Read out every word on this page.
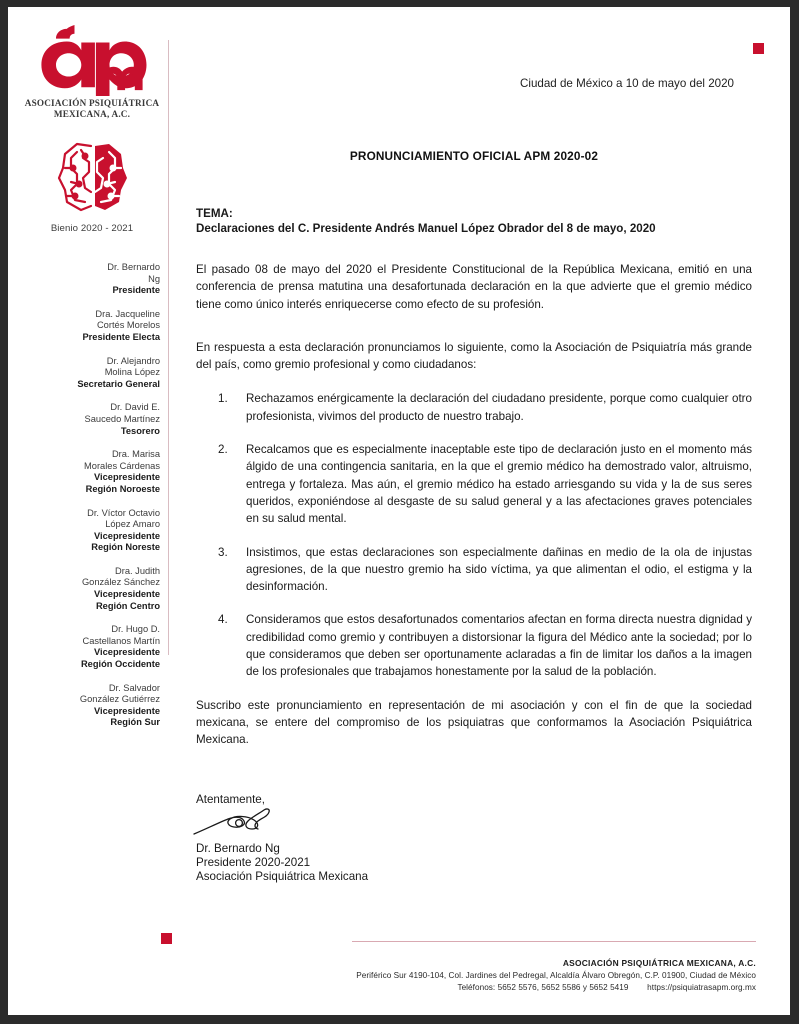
ASOCIACIÓN PSIQUIÁTRICA
MEXICANA, A.C.
Bienio 2020 - 2021
Dr. Bernardo
Ng
Presidente
Dra. Jacqueline
Cortés Morelos
Presidente Electa
Dr. Alejandro
Molina López
Secretario General
Dr. David E.
Saucedo Martínez
Tesorero
Dra. Marisa
Morales Cárdenas
Vicepresidente
Región Noroeste
Dr. Víctor Octavio
López Amaro
Vicepresidente
Región Noreste
Dra. Judith
González Sánchez
Vicepresidente
Región Centro
Dr. Hugo D.
Castellanos Martín
Vicepresidente
Región Occidente
Dr. Salvador
González Gutiérrez
Vicepresidente
Región Sur
Ciudad de México a 10 de mayo del 2020
PRONUNCIAMIENTO OFICIAL APM 2020-02
TEMA:
Declaraciones del C. Presidente Andrés Manuel López Obrador del 8 de mayo, 2020

El pasado 08 de mayo del 2020 el Presidente Constitucional de la República Mexicana, emitió en una conferencia de prensa matutina una desafortunada declaración en la que advierte que el gremio médico tiene como único interés enriquecerse como efecto de su profesión.

En respuesta a esta declaración pronunciamos lo siguiente, como la Asociación de Psiquiatría más grande del país, como gremio profesional y como ciudadanos:

1. Rechazamos enérgicamente la declaración del ciudadano presidente, porque como cualquier otro profesionista, vivimos del producto de nuestro trabajo.
2. Recalcamos que es especialmente inaceptable este tipo de declaración justo en el momento más álgido de una contingencia sanitaria, en la que el gremio médico ha demostrado valor, altruismo, entrega y fortaleza. Mas aún, el gremio médico ha estado arriesgando su vida y la de sus seres queridos, exponiéndose al desgaste de su salud general y a las afectaciones graves potenciales en su salud mental.
3. Insistimos, que estas declaraciones son especialmente dañinas en medio de la ola de injustas agresiones, de la que nuestro gremio ha sido víctima, ya que alimentan el odio, el estigma y la desinformación.
4. Consideramos que estos desafortunados comentarios afectan en forma directa nuestra dignidad y credibilidad como gremio y contribuyen a distorsionar la figura del Médico ante la sociedad; por lo que consideramos que deben ser oportunamente aclaradas a fin de limitar los daños a la imagen de los profesionales que trabajamos honestamente por la salud de la población.

Suscribo este pronunciamiento en representación de mi asociación y con el fin de que la sociedad mexicana, se entere del compromiso de los psiquiatras que conformamos la Asociación Psiquiátrica Mexicana.

Atentamente,
Dr. Bernardo Ng
Presidente 2020-2021
Asociación Psiquiátrica Mexicana
ASOCIACIÓN PSIQUIÁTRICA MEXICANA, A.C.
Periférico Sur 4190-104, Col. Jardines del Pedregal, Alcaldía Álvaro Obregón, C.P. 01900, Ciudad de México
Teléfonos: 5652 5576, 5652 5586 y 5652 5419 https://psiquiatrasapm.org.mx
